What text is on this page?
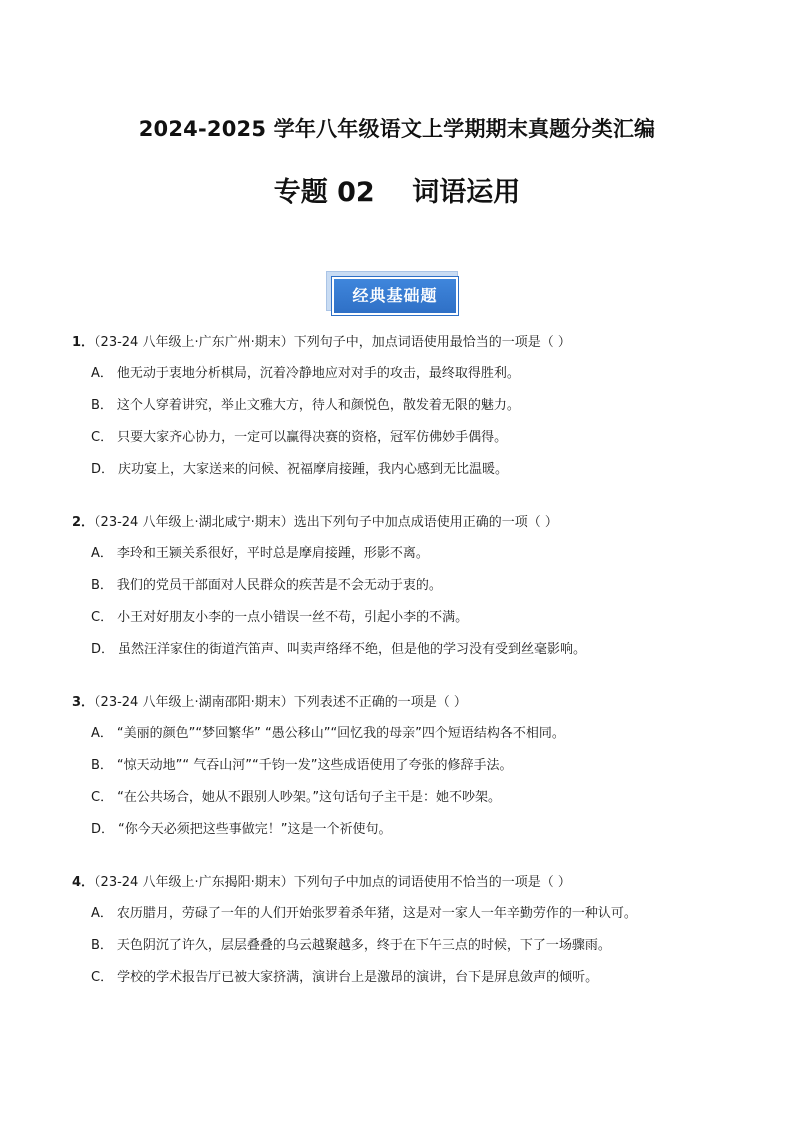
2024-2025 学年八年级语文上学期期末真题分类汇编
专题 02    词语运用
经典基础题
1．（23-24 八年级上·广东广州·期末）下列句子中，加点词语使用最恰当的一项是（ ）
A． 他无动于衷地分析棋局，沉着冷静地应对对手的攻击，最终取得胜利。
B． 这个人穿着讲究，举止文雅大方，待人和颜悦色，散发着无限的魅力。
C． 只要大家齐心协力，一定可以赢得决赛的资格，冠军仿佛妙手偶得。
D． 庆功宴上，大家送来的问候、祝福摩肩接踵，我内心感到无比温暖。
2．（23-24 八年级上·湖北咸宁·期末）选出下列句子中加点成语使用正确的一项（ ）
A． 李玲和王颍关系很好，平时总是摩肩接踵，形影不离。
B． 我们的党员干部面对人民群众的疾苦是不会无动于衷的。
C． 小王对好朋友小李的一点小错误一丝不苟，引起小李的不满。
D． 虽然汪洋家住的街道汽笛声、叫卖声络绎不绝，但是他的学习没有受到丝毫影响。
3．（23-24 八年级上·湖南邵阳·期末）下列表述不正确的一项是（ ）
A． “美丽的颜色”“梦回繁华” “愚公移山”“回忆我的母亲”四个短语结构各不相同。
B． “惊天动地”“ 气吞山河”“千钧一发”这些成语使用了夸张的修辞手法。
C． “在公共场合，她从不跟别人吵架。”这句话句子主干是：她不吵架。
D． “你今天必须把这些事做完！”这是一个祈使句。
4．（23-24 八年级上·广东揭阳·期末）下列句子中加点的词语使用不恰当的一项是（ ）
A． 农历腊月，劳碌了一年的人们开始张罗着杀年猪，这是对一家人一年辛勤劳作的一种认可。
B． 天色阴沉了许久，层层叠叠的乌云越聚越多，终于在下午三点的时候，下了一场骤雨。
C． 学校的学术报告厅已被大家挤满，演讲台上是激昂的演讲，台下是屏息敛声的倾听。
